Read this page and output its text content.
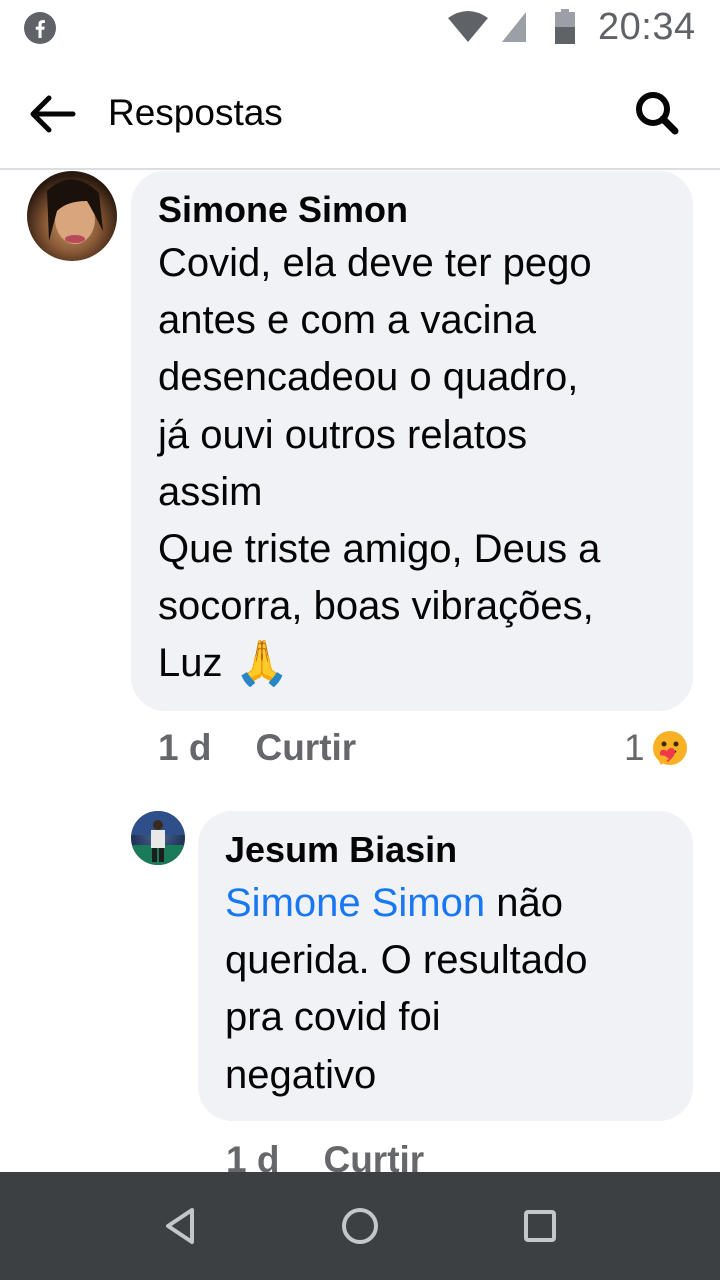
20:34
Respostas
Simone Simon
Covid, ela deve ter pego
antes e com a vacina
desencadeou o quadro,
já ouvi outros relatos
assim
Que triste amigo, Deus a
socorra, boas vibrações,
Luz 🙏
1 d Curtir	1
Jesum Biasin
Simone Simon não
querida. O resultado
pra covid foi
negativo
1 d Curtir
